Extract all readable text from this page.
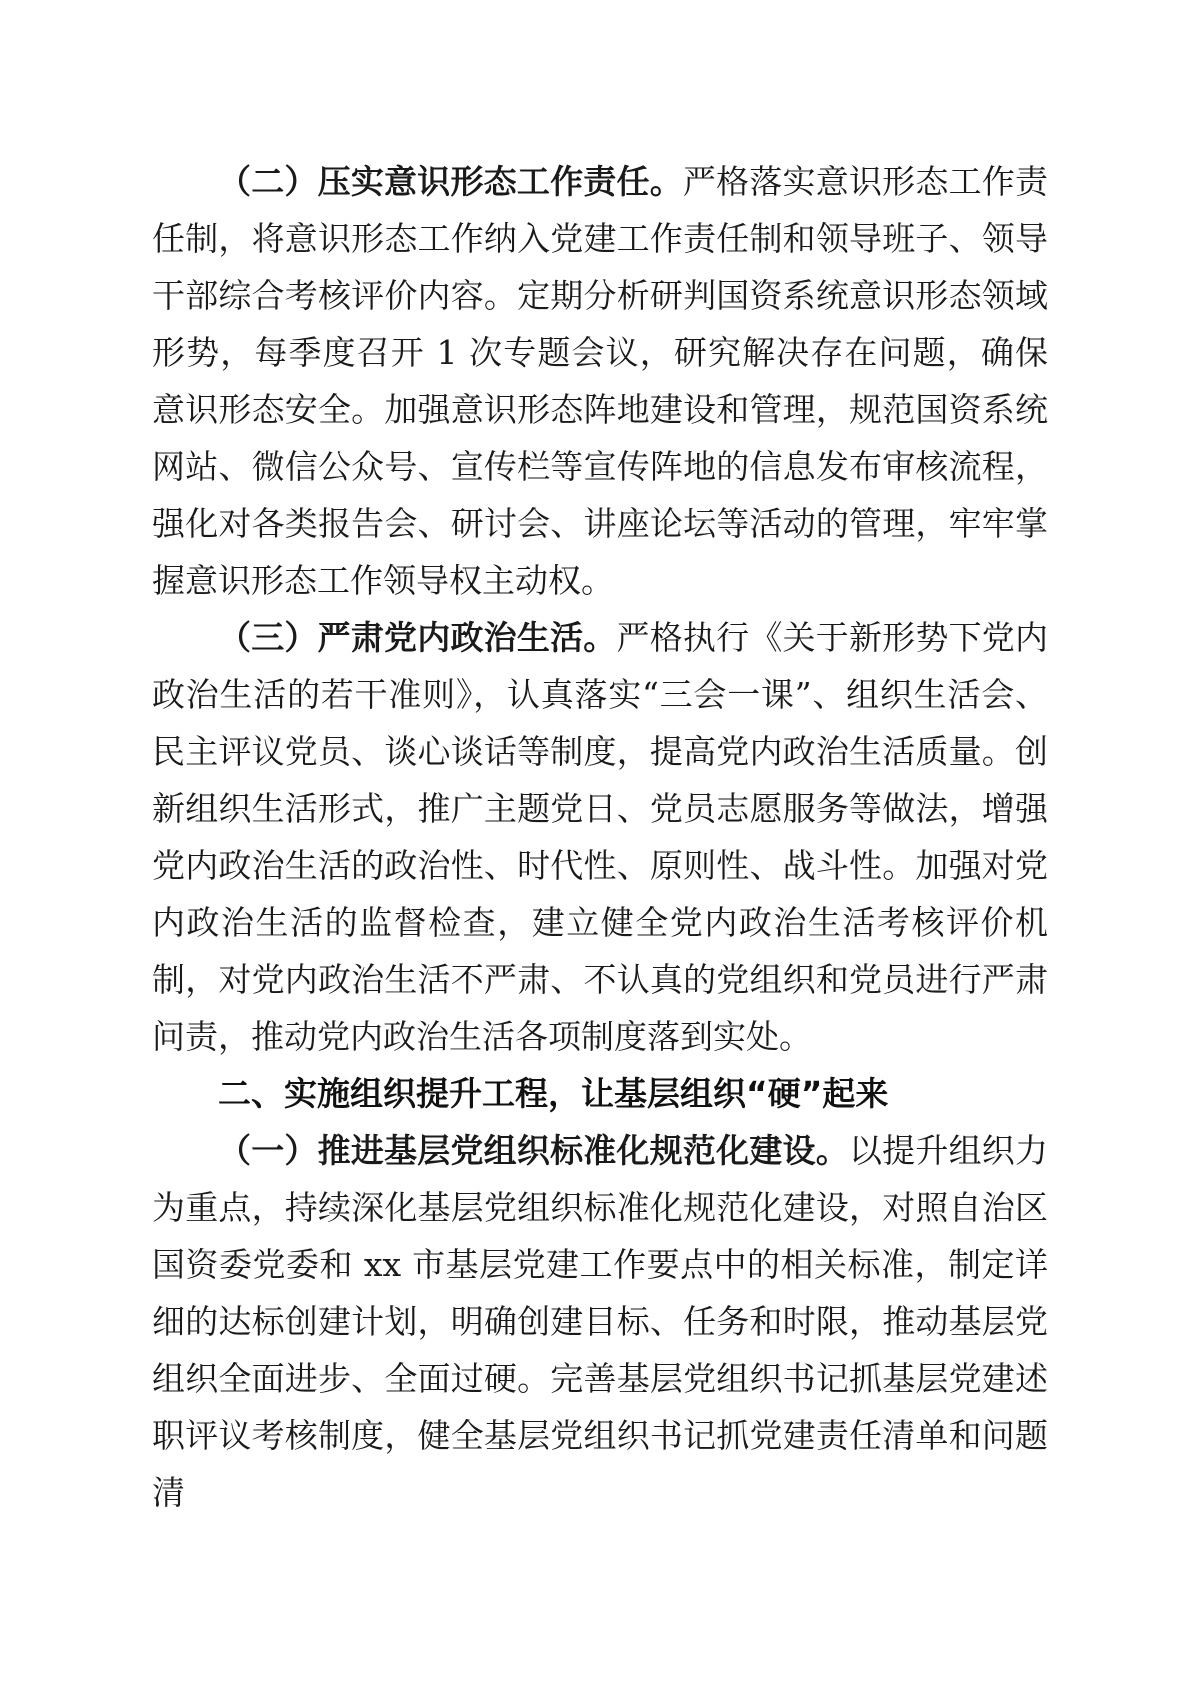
（二）压实意识形态工作责任。严格落实意识形态工作责任制，将意识形态工作纳入党建工作责任制和领导班子、领导干部综合考核评价内容。定期分析研判国资系统意识形态领域形势，每季度召开 1 次专题会议，研究解决存在问题，确保意识形态安全。加强意识形态阵地建设和管理，规范国资系统网站、微信公众号、宣传栏等宣传阵地的信息发布审核流程，强化对各类报告会、研讨会、讲座论坛等活动的管理，牢牢掌握意识形态工作领导权主动权。

（三）严肃党内政治生活。严格执行《关于新形势下党内政治生活的若干准则》，认真落实“三会一课”、组织生活会、民主评议党员、谈心谈话等制度，提高党内政治生活质量。创新组织生活形式，推广主题党日、党员志愿服务等做法，增强党内政治生活的政治性、时代性、原则性、战斗性。加强对党内政治生活的监督检查，建立健全党内政治生活考核评价机制，对党内政治生活不严肃、不认真的党组织和党员进行严肃问责，推动党内政治生活各项制度落到实处。

二、实施组织提升工程，让基层组织“硬”起来

（一）推进基层党组织标准化规范化建设。以提升组织力为重点，持续深化基层党组织标准化规范化建设，对照自治区国资委党委和 xx 市基层党建工作要点中的相关标准，制定详细的达标创建计划，明确创建目标、任务和时限，推动基层党组织全面进步、全面过硬。完善基层党组织书记抓基层党建述职评议考核制度，健全基层党组织书记抓党建责任清单和问题清
